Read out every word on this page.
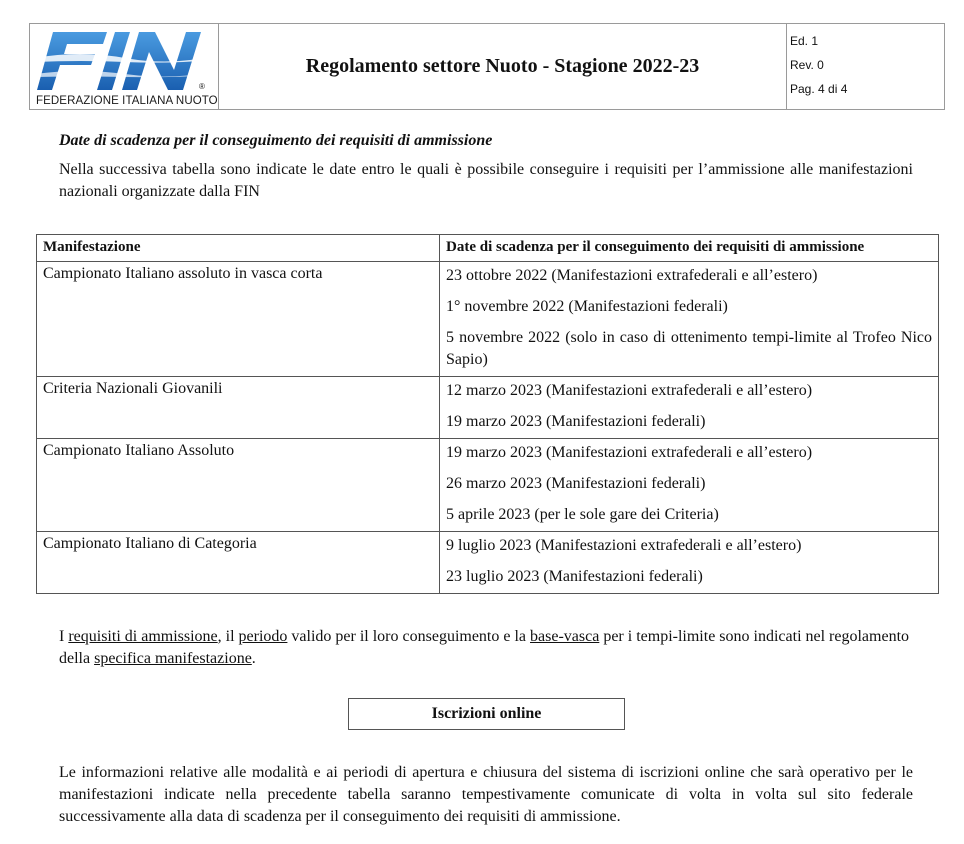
®
FEDERAZIONE ITALIANA NUOTO
Regolamento settore Nuoto - Stagione 2022-23
Ed. 1
Rev. 0
Pag. 4 di 4
Date di scadenza per il conseguimento dei requisiti di ammissione
Nella successiva tabella sono indicate le date entro le quali è possibile conseguire i requisiti per l’ammissione alle manifestazioni nazionali organizzate dalla FIN
Manifestazione	Date di scadenza per il conseguimento dei requisiti di ammissione
Campionato Italiano assoluto in vasca corta	23 ottobre 2022 (Manifestazioni extrafederali e all’estero)
1° novembre 2022 (Manifestazioni federali)
5 novembre 2022 (solo in caso di ottenimento tempi-limite al Trofeo Nico Sapio)

Criteria Nazionali Giovanili	12 marzo 2023 (Manifestazioni extrafederali e all’estero)
19 marzo 2023 (Manifestazioni federali)

Campionato Italiano Assoluto	19 marzo 2023 (Manifestazioni extrafederali e all’estero)
26 marzo 2023 (Manifestazioni federali)
5 aprile 2023 (per le sole gare dei Criteria)

Campionato Italiano di Categoria	9 luglio 2023 (Manifestazioni extrafederali e all’estero)
23 luglio 2023 (Manifestazioni federali)
I requisiti di ammissione, il periodo valido per il loro conseguimento e la base-vasca per i tempi-limite sono indicati nel regolamento della specifica manifestazione.
Iscrizioni online
Le informazioni relative alle modalità e ai periodi di apertura e chiusura del sistema di iscrizioni online che sarà operativo per le manifestazioni indicate nella precedente tabella saranno tempestivamente comunicate di volta in volta sul sito federale successivamente alla data di scadenza per il conseguimento dei requisiti di ammissione.
